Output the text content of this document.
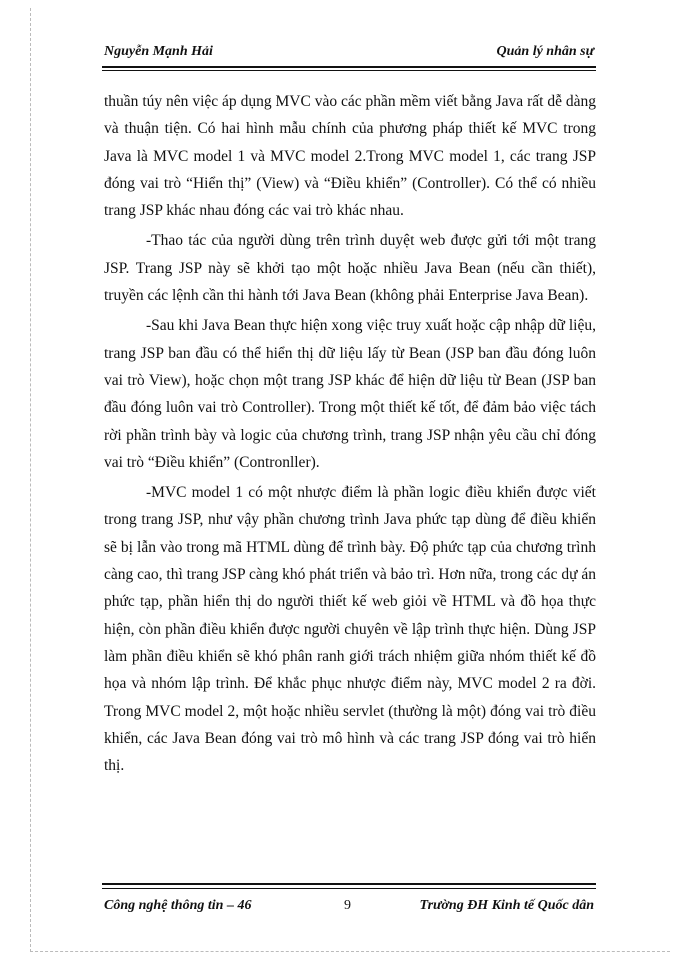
Nguyễn Mạnh Hải	Quản lý nhân sự

thuần túy nên việc áp dụng MVC vào các phần mềm viết bằng Java rất dễ dàng và thuận tiện. Có hai hình mẫu chính của phương pháp thiết kế MVC trong Java là MVC model 1 và MVC model 2.Trong MVC model 1, các trang JSP đóng vai trò “Hiển thị” (View) và “Điều khiển” (Controller). Có thể có nhiều trang JSP khác nhau đóng các vai trò khác nhau.

-Thao tác của người dùng trên trình duyệt web được gửi tới một trang JSP. Trang JSP này sẽ khởi tạo một hoặc nhiều Java Bean (nếu cần thiết), truyền các lệnh cần thi hành tới Java Bean (không phải Enterprise Java Bean).

-Sau khi Java Bean thực hiện xong việc truy xuất hoặc cập nhập dữ liệu, trang JSP ban đầu có thể hiển thị dữ liệu lấy từ Bean (JSP ban đầu đóng luôn vai trò View), hoặc chọn một trang JSP khác để hiện dữ liệu từ Bean (JSP ban đầu đóng luôn vai trò Controller). Trong một thiết kế tốt, để đảm bảo việc tách rời phần trình bày và logic của chương trình, trang JSP nhận yêu cầu chỉ đóng vai trò “Điều khiển” (Contronller).

-MVC model 1 có một nhược điểm là phần logic điều khiển được viết trong trang JSP, như vậy phần chương trình Java phức tạp dùng để điều khiển sẽ bị lẫn vào trong mã HTML dùng để trình bày. Độ phức tạp của chương trình càng cao, thì trang JSP càng khó phát triển và bảo trì. Hơn nữa, trong các dự án phức tạp, phần hiển thị do người thiết kế web giỏi về HTML và đồ họa thực hiện, còn phần điều khiển được người chuyên về lập trình thực hiện. Dùng JSP làm phần điều khiển sẽ khó phân ranh giới trách nhiệm giữa nhóm thiết kế đồ họa và nhóm lập trình. Để khắc phục nhược điểm này, MVC model 2 ra đời. Trong MVC model 2, một hoặc nhiều servlet (thường là một) đóng vai trò điều khiển, các Java Bean đóng vai trò mô hình và các trang JSP đóng vai trò hiển thị.

Công nghệ thông tin – 46	9	Trường ĐH Kinh tế Quốc dân
